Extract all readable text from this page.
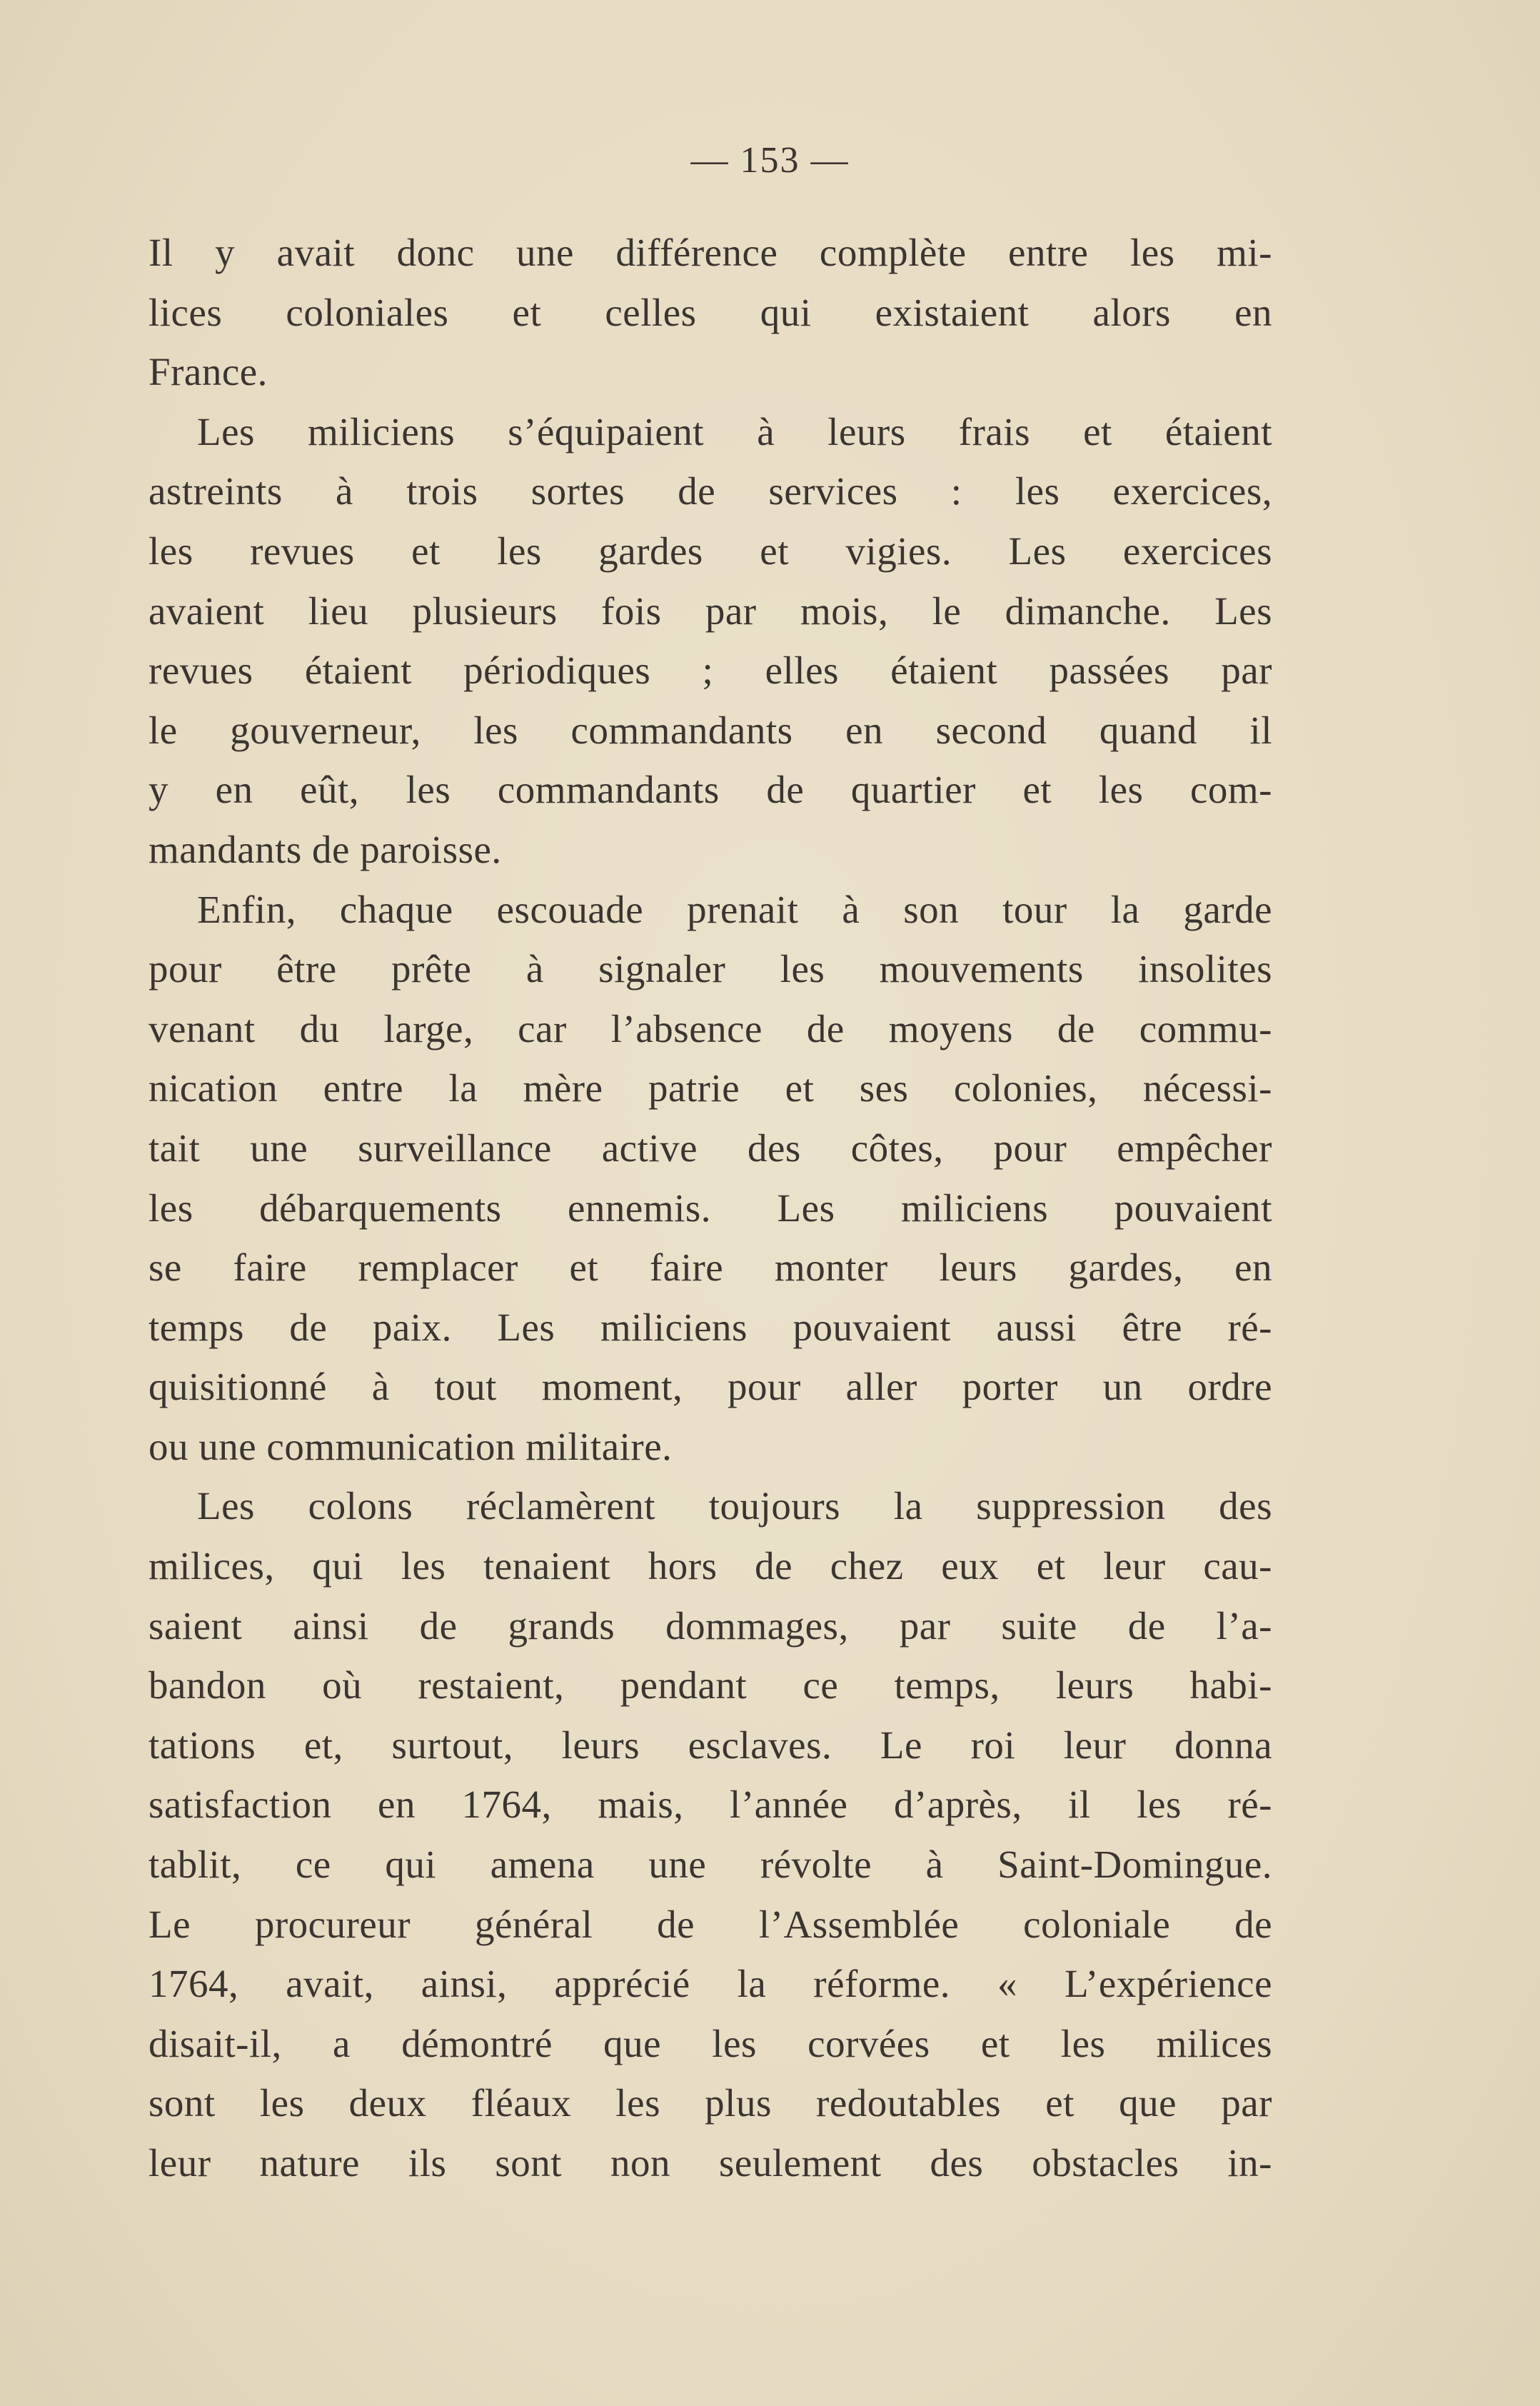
— 153 —
Il y avait donc une différence complète entre les mi-
lices coloniales et celles qui existaient alors en
France.
Les miliciens s’équipaient à leurs frais et étaient
astreints à trois sortes de services : les exercices,
les revues et les gardes et vigies. Les exercices
avaient lieu plusieurs fois par mois, le dimanche. Les
revues étaient périodiques ; elles étaient passées par
le gouverneur, les commandants en second quand il
y en eût, les commandants de quartier et les com-
mandants de paroisse.
Enfin, chaque escouade prenait à son tour la garde
pour être prête à signaler les mouvements insolites
venant du large, car l’absence de moyens de commu-
nication entre la mère patrie et ses colonies, nécessi-
tait une surveillance active des côtes, pour empêcher
les débarquements ennemis. Les miliciens pouvaient
se faire remplacer et faire monter leurs gardes, en
temps de paix. Les miliciens pouvaient aussi être ré-
quisitionné à tout moment, pour aller porter un ordre
ou une communication militaire.
Les colons réclamèrent toujours la suppression des
milices, qui les tenaient hors de chez eux et leur cau-
saient ainsi de grands dommages, par suite de l’a-
bandon où restaient, pendant ce temps, leurs habi-
tations et, surtout, leurs esclaves. Le roi leur donna
satisfaction en 1764, mais, l’année d’après, il les ré-
tablit, ce qui amena une révolte à Saint-Domingue.
Le procureur général de l’Assemblée coloniale de
1764, avait, ainsi, apprécié la réforme. « L’expérience
disait-il, a démontré que les corvées et les milices
sont les deux fléaux les plus redoutables et que par
leur nature ils sont non seulement des obstacles in-
